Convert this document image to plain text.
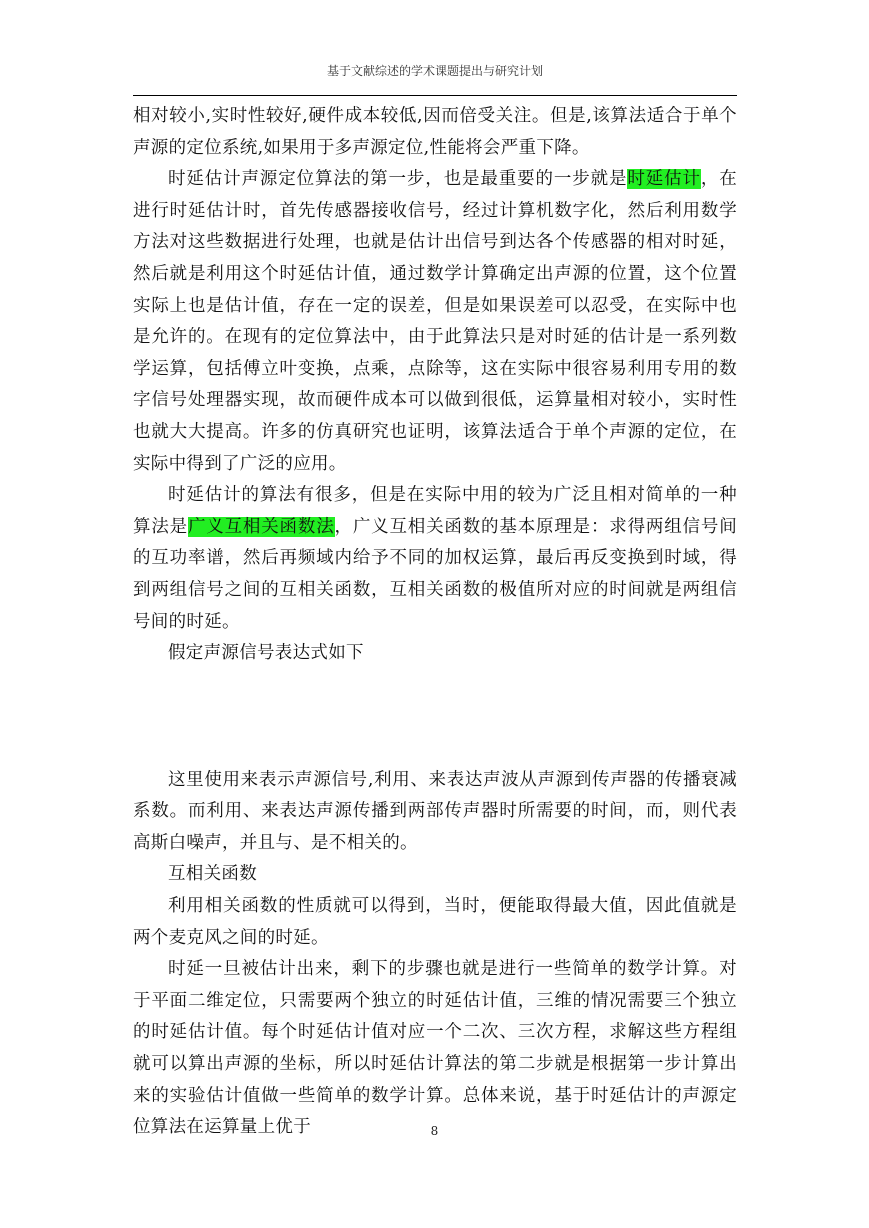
基于文献综述的学术课题提出与研究计划

相对较小,实时性较好,硬件成本较低,因而倍受关注。但是,该算法适合于单个声源的定位系统,如果用于多声源定位,性能将会严重下降。

时延估计声源定位算法的第一步，也是最重要的一步就是时延估计，在进行时延估计时，首先传感器接收信号，经过计算机数字化，然后利用数学方法对这些数据进行处理，也就是估计出信号到达各个传感器的相对时延，然后就是利用这个时延估计值，通过数学计算确定出声源的位置，这个位置实际上也是估计值，存在一定的误差，但是如果误差可以忍受，在实际中也是允许的。在现有的定位算法中，由于此算法只是对时延的估计是一系列数学运算，包括傅立叶变换，点乘，点除等，这在实际中很容易利用专用的数字信号处理器实现，故而硬件成本可以做到很低，运算量相对较小，实时性也就大大提高。许多的仿真研究也证明，该算法适合于单个声源的定位，在实际中得到了广泛的应用。

时延估计的算法有很多，但是在实际中用的较为广泛且相对简单的一种算法是广义互相关函数法，广义互相关函数的基本原理是：求得两组信号间的互功率谱，然后再频域内给予不同的加权运算，最后再反变换到时域，得到两组信号之间的互相关函数，互相关函数的极值所对应的时间就是两组信号间的时延。

假定声源信号表达式如下

这里使用来表示声源信号,利用、来表达声波从声源到传声器的传播衰减系数。而利用、来表达声源传播到两部传声器时所需要的时间，而，则代表高斯白噪声，并且与、是不相关的。

互相关函数

利用相关函数的性质就可以得到，当时，便能取得最大值，因此值就是两个麦克风之间的时延。

时延一旦被估计出来，剩下的步骤也就是进行一些简单的数学计算。对于平面二维定位，只需要两个独立的时延估计值，三维的情况需要三个独立的时延估计值。每个时延估计值对应一个二次、三次方程，求解这些方程组就可以算出声源的坐标，所以时延估计算法的第二步就是根据第一步计算出来的实验估计值做一些简单的数学计算。总体来说，基于时延估计的声源定位算法在运算量上优于	8
